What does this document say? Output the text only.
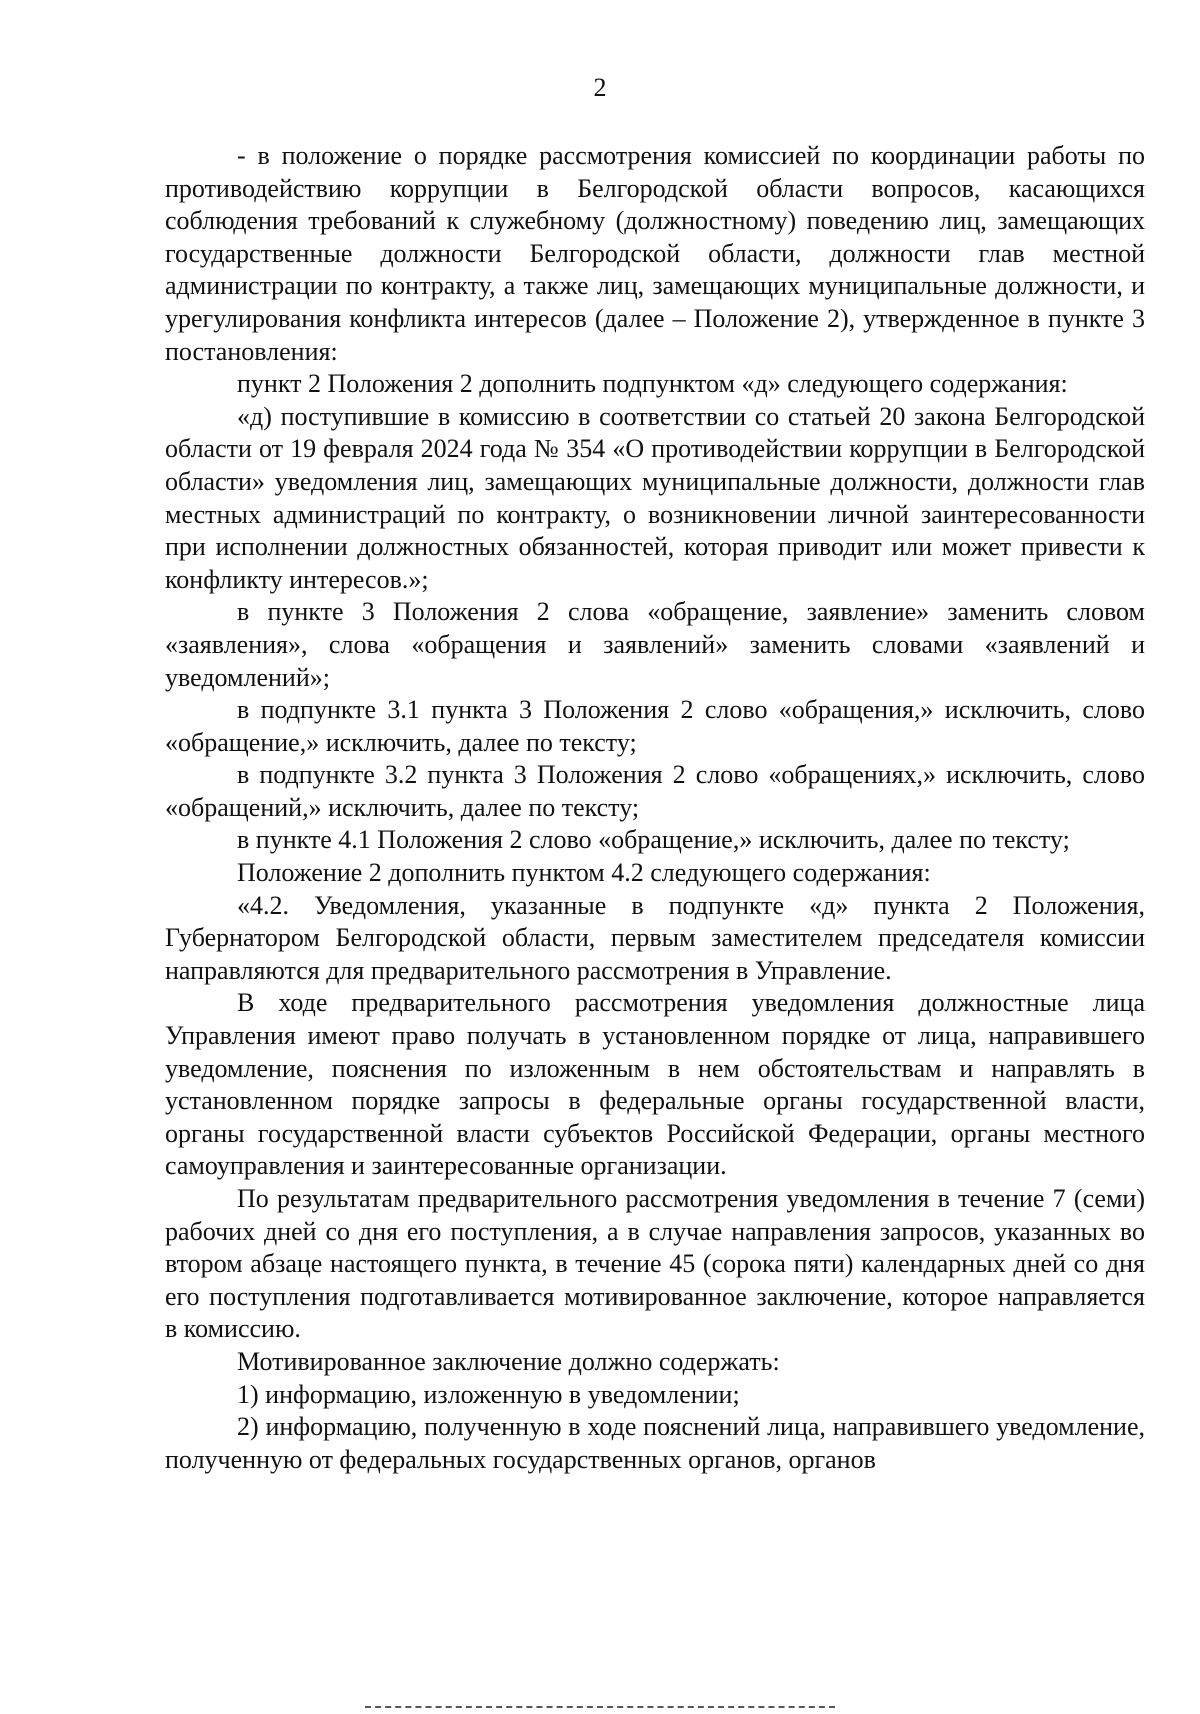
2

- в положение о порядке рассмотрения комиссией по координации работы по противодействию коррупции в Белгородской области вопросов, касающихся соблюдения требований к служебному (должностному) поведению лиц, замещающих государственные должности Белгородской области, должности глав местной администрации по контракту, а также лиц, замещающих муниципальные должности, и урегулирования конфликта интересов (далее – Положение 2), утвержденное в пункте 3 постановления:

пункт 2 Положения 2 дополнить подпунктом «д» следующего содержания:

«д) поступившие в комиссию в соответствии со статьей 20 закона Белгородской области от 19 февраля 2024 года № 354 «О противодействии коррупции в Белгородской области» уведомления лиц, замещающих муниципальные должности, должности глав местных администраций по контракту, о возникновении личной заинтересованности при исполнении должностных обязанностей, которая приводит или может привести к конфликту интересов.»;

в пункте 3 Положения 2 слова «обращение, заявление» заменить словом «заявления», слова «обращения и заявлений» заменить словами «заявлений и уведомлений»;

в подпункте 3.1 пункта 3 Положения 2 слово «обращения,» исключить, слово «обращение,» исключить, далее по тексту;

в подпункте 3.2 пункта 3 Положения 2 слово «обращениях,» исключить, слово «обращений,» исключить, далее по тексту;

в пункте 4.1 Положения 2 слово «обращение,» исключить, далее по тексту;

Положение 2 дополнить пунктом 4.2 следующего содержания:

«4.2. Уведомления, указанные в подпункте «д» пункта 2 Положения, Губернатором Белгородской области, первым заместителем председателя комиссии направляются для предварительного рассмотрения в Управление.

В ходе предварительного рассмотрения уведомления должностные лица Управления имеют право получать в установленном порядке от лица, направившего уведомление, пояснения по изложенным в нем обстоятельствам и направлять в установленном порядке запросы в федеральные органы государственной власти, органы государственной власти субъектов Российской Федерации, органы местного самоуправления и заинтересованные организации.

По результатам предварительного рассмотрения уведомления в течение 7 (семи) рабочих дней со дня его поступления, а в случае направления запросов, указанных во втором абзаце настоящего пункта, в течение 45 (сорока пяти) календарных дней со дня его поступления подготавливается мотивированное заключение, которое направляется в комиссию.

Мотивированное заключение должно содержать:

1) информацию, изложенную в уведомлении;

2) информацию, полученную в ходе пояснений лица, направившего уведомление, полученную от федеральных государственных органов, органов
